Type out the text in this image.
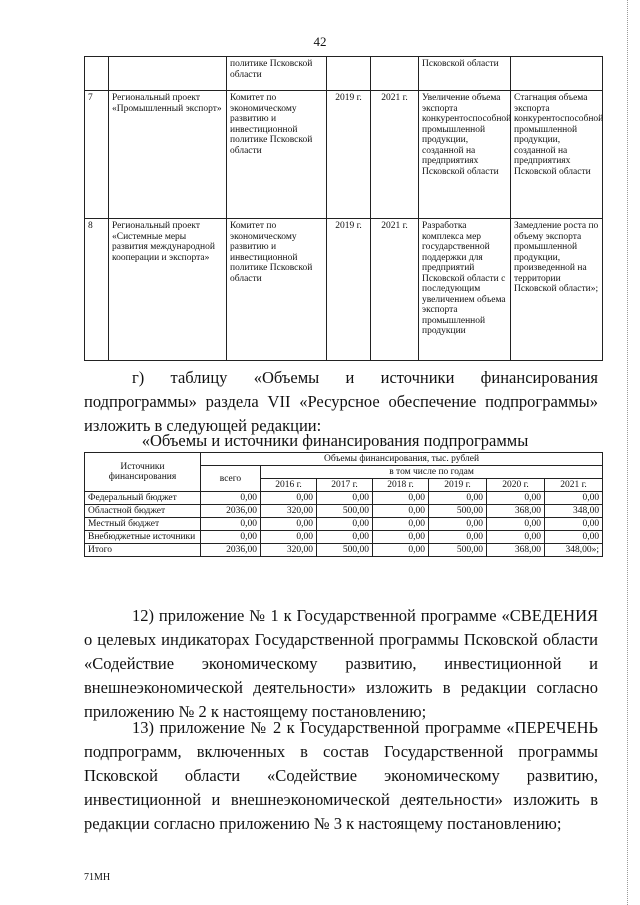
42
		политике Псковской области			Псковской области	
7	Региональный проект «Промышленный экспорт»	Комитет по экономическому развитию и инвестиционной политике Псковской области	2019 г.	2021 г.	Увеличение объема экспорта конкурентоспособной промышленной продукции, созданной на предприятиях Псковской области	Стагнация объема экспорта конкурентоспособной промышленной продукции, созданной на предприятиях Псковской области
8	Региональный проект «Системные меры развития международной кооперации и экспорта»	Комитет по экономическому развитию и инвестиционной политике Псковской области	2019 г.	2021 г.	Разработка комплекса мер государственной поддержки для предприятий Псковской области с последующим увеличением объема экспорта промышленной продукции	Замедление роста по объему экспорта промышленной продукции, произведенной на территории Псковской области»;
г) таблицу «Объемы и источники финансирования подпрограммы» раздела VII «Ресурсное обеспечение подпрограммы» изложить в следующей редакции:
«Объемы и источники финансирования подпрограммы
Источники финансирования	Объемы финансирования, тыс. рублей						
	всего	в том числе по годам					
		2016 г.	2017 г.	2018 г.	2019 г.	2020 г.	2021 г.
Федеральный бюджет	0,00	0,00	0,00	0,00	0,00	0,00	0,00
Областной бюджет	2036,00	320,00	500,00	0,00	500,00	368,00	348,00
Местный бюджет	0,00	0,00	0,00	0,00	0,00	0,00	0,00
Внебюджетные источники	0,00	0,00	0,00	0,00	0,00	0,00	0,00
Итого	2036,00	320,00	500,00	0,00	500,00	368,00	348,00»;
12) приложение № 1 к Государственной программе «СВЕДЕНИЯ о целевых индикаторах Государственной программы Псковской области «Содействие экономическому развитию, инвестиционной и внешнеэкономической деятельности» изложить в редакции согласно приложению № 2 к настоящему постановлению;
13) приложение № 2 к Государственной программе «ПЕРЕЧЕНЬ подпрограмм, включенных в состав Государственной программы Псковской области «Содействие экономическому развитию, инвестиционной и внешнеэкономической деятельности» изложить в редакции согласно приложению № 3 к настоящему постановлению;
71МН
